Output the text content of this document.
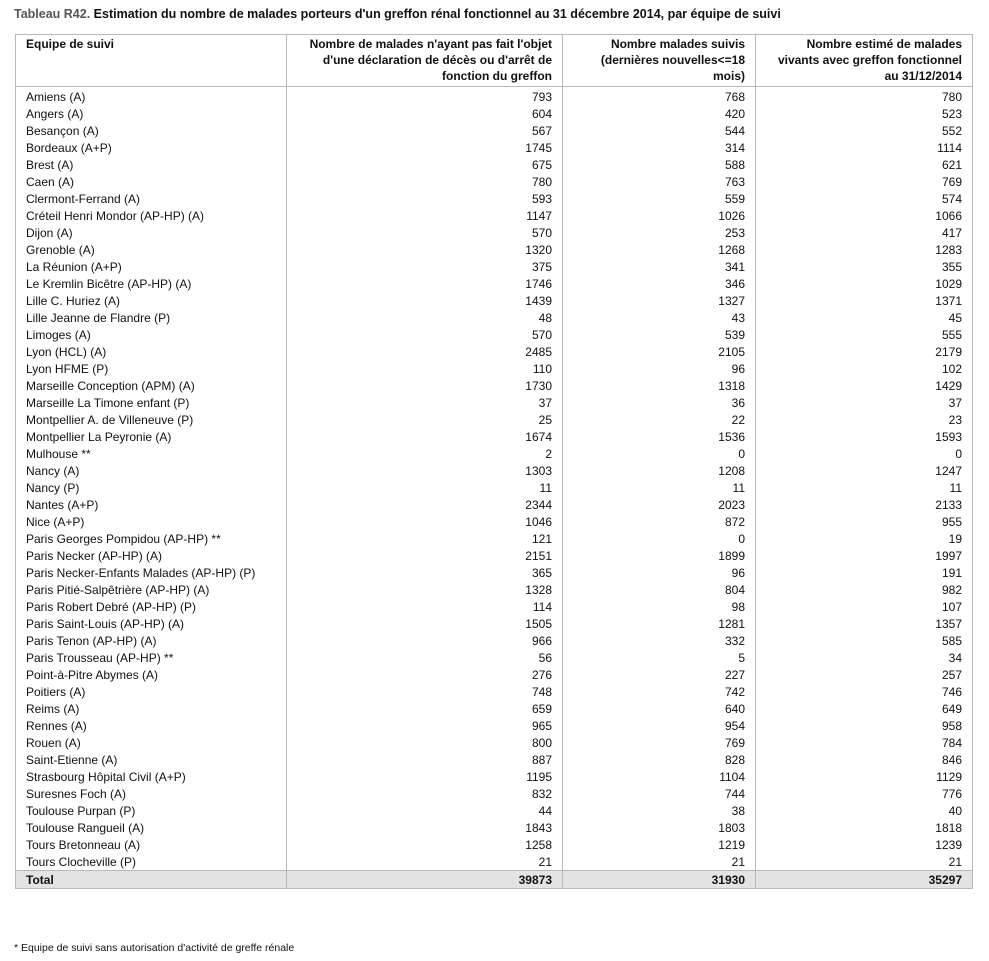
Tableau R42. Estimation du nombre de malades porteurs d'un greffon rénal fonctionnel au 31 décembre 2014, par équipe de suivi
Equipe de suivi	Nombre de malades n'ayant pas fait l'objet d'une déclaration de décès ou d'arrêt de fonction du greffon	Nombre malades suivis (dernières nouvelles<=18 mois)	Nombre estimé de malades vivants avec greffon fonctionnel au 31/12/2014
Amiens (A)	793	768	780
Angers (A)	604	420	523
Besançon (A)	567	544	552
Bordeaux (A+P)	1745	314	1114
Brest (A)	675	588	621
Caen (A)	780	763	769
Clermont-Ferrand (A)	593	559	574
Créteil Henri Mondor (AP-HP) (A)	1147	1026	1066
Dijon (A)	570	253	417
Grenoble (A)	1320	1268	1283
La Réunion (A+P)	375	341	355
Le Kremlin Bicêtre (AP-HP) (A)	1746	346	1029
Lille C. Huriez (A)	1439	1327	1371
Lille Jeanne de Flandre (P)	48	43	45
Limoges (A)	570	539	555
Lyon (HCL) (A)	2485	2105	2179
Lyon HFME (P)	110	96	102
Marseille Conception (APM) (A)	1730	1318	1429
Marseille La Timone enfant (P)	37	36	37
Montpellier A. de Villeneuve (P)	25	22	23
Montpellier La Peyronie (A)	1674	1536	1593
Mulhouse **	2	0	0
Nancy (A)	1303	1208	1247
Nancy (P)	11	11	11
Nantes (A+P)	2344	2023	2133
Nice (A+P)	1046	872	955
Paris Georges Pompidou (AP-HP) **	121	0	19
Paris Necker (AP-HP) (A)	2151	1899	1997
Paris Necker-Enfants Malades (AP-HP) (P)	365	96	191
Paris Pitié-Salpêtrière (AP-HP) (A)	1328	804	982
Paris Robert Debré (AP-HP) (P)	114	98	107
Paris Saint-Louis (AP-HP) (A)	1505	1281	1357
Paris Tenon (AP-HP) (A)	966	332	585
Paris Trousseau (AP-HP) **	56	5	34
Point-à-Pitre Abymes (A)	276	227	257
Poitiers (A)	748	742	746
Reims (A)	659	640	649
Rennes (A)	965	954	958
Rouen (A)	800	769	784
Saint-Etienne (A)	887	828	846
Strasbourg Hôpital Civil (A+P)	1195	1104	1129
Suresnes Foch (A)	832	744	776
Toulouse Purpan (P)	44	38	40
Toulouse Rangueil (A)	1843	1803	1818
Tours Bretonneau (A)	1258	1219	1239
Tours Clocheville (P)	21	21	21
Total	39873	31930	35297
* Equipe de suivi sans autorisation d'activité de greffe rénale
